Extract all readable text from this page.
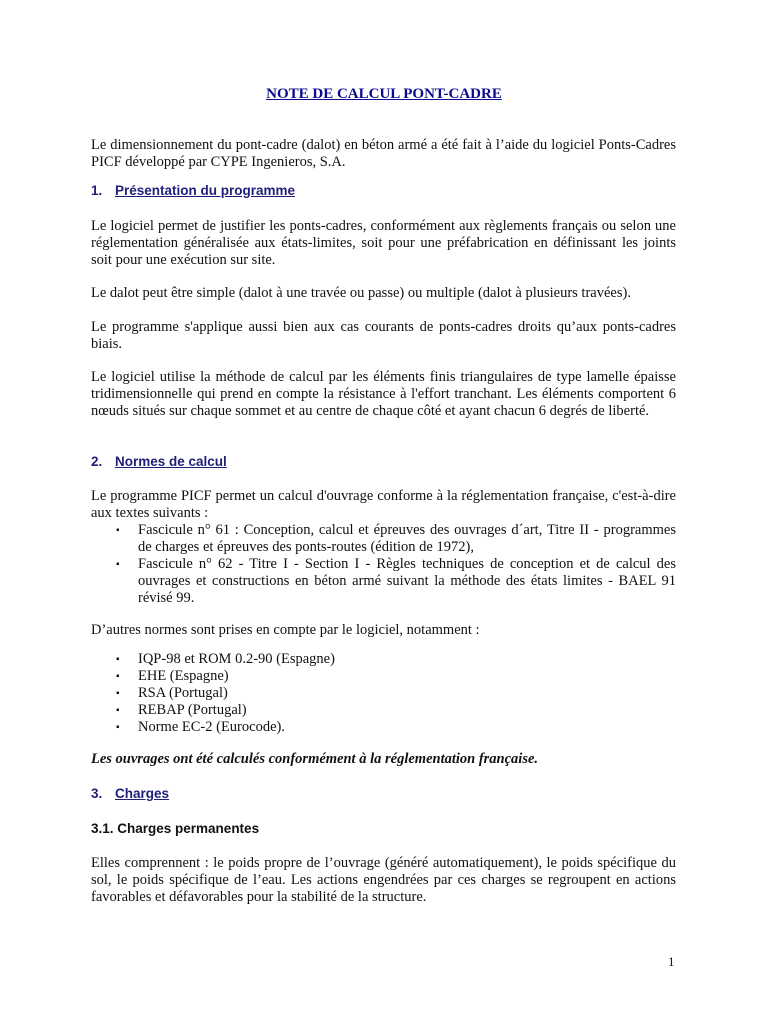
NOTE DE CALCUL PONT-CADRE

Le dimensionnement du pont-cadre (dalot) en béton armé a été fait à l’aide du logiciel Ponts-Cadres PICF développé par CYPE Ingenieros, S.A.

1. Présentation du programme

Le logiciel permet de justifier les ponts-cadres, conformément aux règlements français ou selon une réglementation généralisée aux états-limites, soit pour une préfabrication en définissant les joints soit pour une exécution sur site.

Le dalot peut être simple (dalot à une travée ou passe) ou multiple (dalot à plusieurs travées).

Le programme s'applique aussi bien aux cas courants de ponts-cadres droits qu’aux ponts-cadres biais.

Le logiciel utilise la méthode de calcul par les éléments finis triangulaires de type lamelle épaisse tridimensionnelle qui prend en compte la résistance à l'effort tranchant. Les éléments comportent 6 nœuds situés sur chaque sommet et au centre de chaque côté et ayant chacun 6 degrés de liberté.

2. Normes de calcul

Le programme PICF permet un calcul d'ouvrage conforme à la réglementation française, c'est-à-dire aux textes suivants :

▪ Fascicule n° 61 : Conception, calcul et épreuves des ouvrages d´art, Titre II - programmes de charges et épreuves des ponts-routes (édition de 1972),
▪ Fascicule n° 62 - Titre I - Section I - Règles techniques de conception et de calcul des ouvrages et constructions en béton armé suivant la méthode des états limites - BAEL 91 révisé 99.

D’autres normes sont prises en compte par le logiciel, notamment :

▪ IQP-98 et ROM 0.2-90 (Espagne)
▪ EHE (Espagne)
▪ RSA (Portugal)
▪ REBAP (Portugal)
▪ Norme EC-2 (Eurocode).

Les ouvrages ont été calculés conformément à la réglementation française.

3. Charges

3.1. Charges permanentes

Elles comprennent : le poids propre de l’ouvrage (généré automatiquement), le poids spécifique du sol, le poids spécifique de l’eau. Les actions engendrées par ces charges se regroupent en actions favorables et défavorables pour la stabilité de la structure.

1
